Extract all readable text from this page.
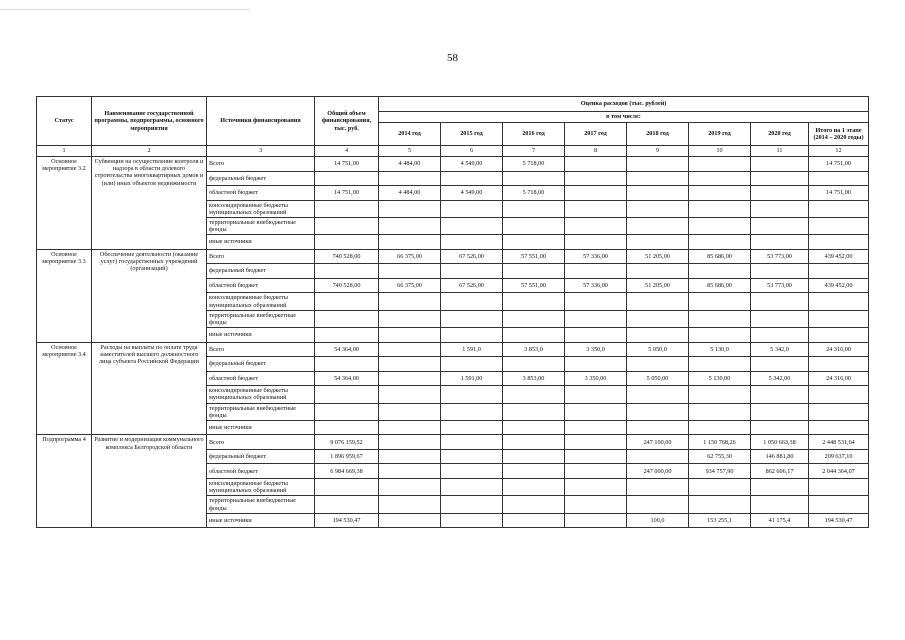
58
Статус	Наименование государственной программы, подпрограммы, основного мероприятия	Источники финансирования	Общий объем финансирования, тыс. руб.	Оценка расходов (тыс. рублей)							
				в том числе:							
				2014 год	2015 год	2016 год	2017 год	2018 год	2019 год	2020 год	Итого на 1 этапе (2014 – 2020 годы)
1	2	3	4	5	6	7	8	9	10	11	12
Основное мероприятие 3.2	Субвенции на осуществление контроля и надзора в области долевого строительства многоквартирных домов и (или) иных объектов недвижимости	Всего	14 751,00	4 484,00	4 549,00	5 718,00					14 751,00
		федеральный бюджет									
		областной бюджет	14 751,00	4 484,00	4 549,00	5 718,00					14 751,00
		консолидированные бюджеты муниципальных образований									
		территориальные внебюджетные фонды									
		иные источники									
Основное мероприятие 3.3	Обеспечение деятельности (оказание услуг) государственных учреждений (организаций)	Всего	740 528,00	66 375,00	67 526,00	57 551,00	57 336,00	51 205,00	85 686,00	53 773,00	439 452,00
		федеральный бюджет									
		областной бюджет	740 528,00	66 375,00	67 526,00	57 551,00	57 336,00	51 205,00	85 686,00	53 773,00	439 452,00
		консолидированные бюджеты муниципальных образований									
		территориальные внебюджетные фонды									
		иные источники									
Основное мероприятие 3.4	Расходы на выплаты по оплате труда заместителей высшего должностного лица субъекта Российской Федерации	Всего	54 364,00		1 591,0	3 853,0	3 350,0	5 050,0	5 130,0	5 342,0	24 316,00
		федеральный бюджет									
		областной бюджет	54 364,00		1 591,00	3 853,00	3 350,00	5 050,00	5 130,00	5 342,00	24 316,00
		консолидированные бюджеты муниципальных образований									
		территориальные внебюджетные фонды									
		иные источники									
Подпрограмма 4	Развитие и модернизация коммунального комплекса Белгородской области	Всего	9 076 159,52					247 100,00	1 150 768,26	1 050 663,38	2 448 531,64
		федеральный бюджет	1 896 959,67						62 755,30	146 881,80	209 637,10
		областной бюджет	6 984 669,38					247 000,00	934 757,90	862 606,17	2 044 364,07
		консолидированные бюджеты муниципальных образований									
		территориальные внебюджетные фонды									
		иные источники	194 530,47					100,0	153 255,1	41 175,4	194 530,47
